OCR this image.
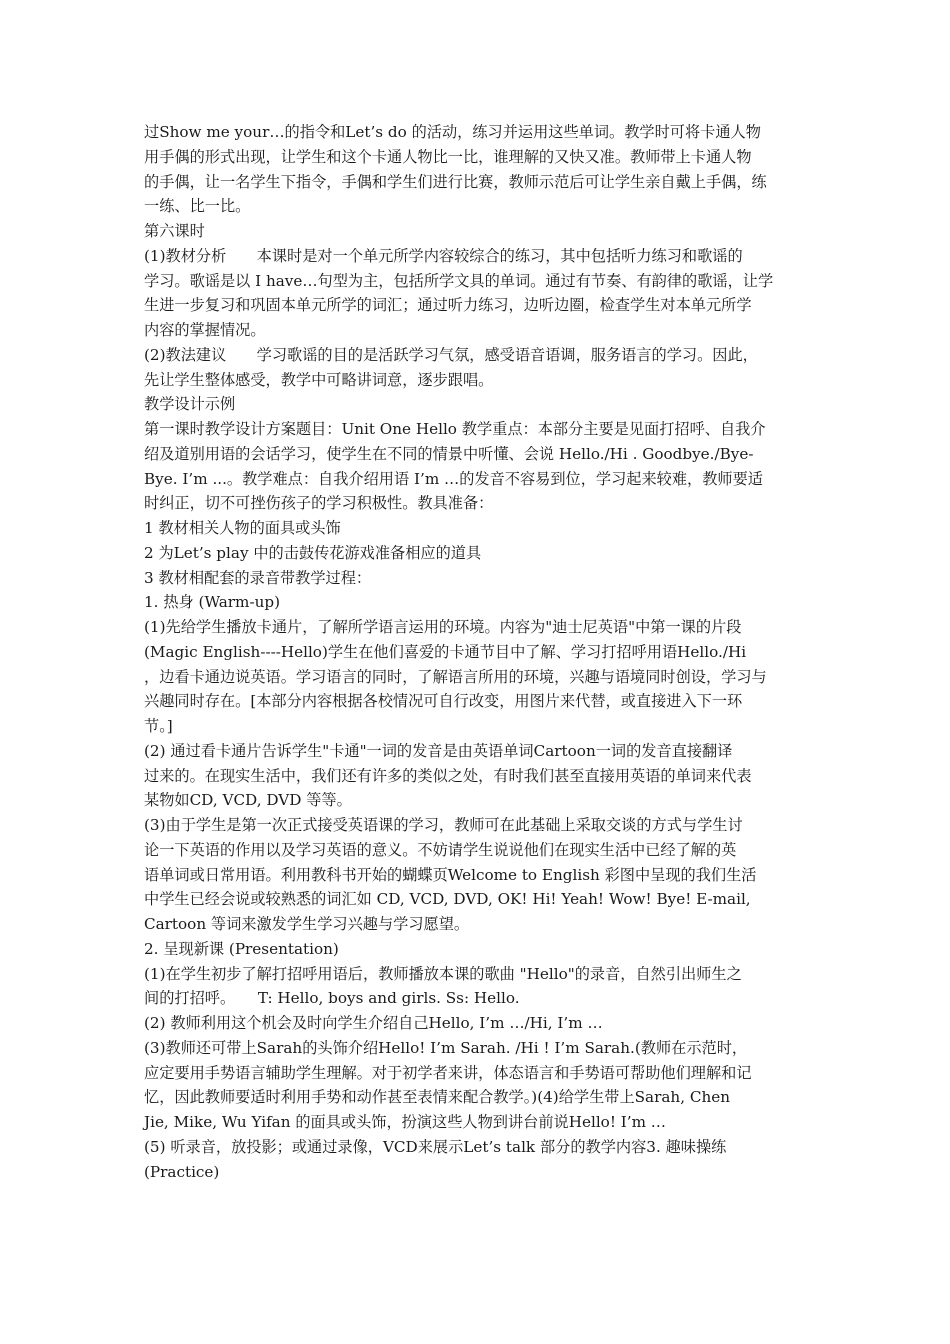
过Show me your…的指令和Let’s do 的活动，练习并运用这些单词。教学时可将卡通人物
用手偶的形式出现，让学生和这个卡通人物比一比，谁理解的又快又准。教师带上卡通人物
的手偶，让一名学生下指令，手偶和学生们进行比赛，教师示范后可让学生亲自戴上手偶，练
一练、比一比。
第六课时
(1)教材分析　　本课时是对一个单元所学内容较综合的练习，其中包括听力练习和歌谣的
学习。歌谣是以 I have…句型为主，包括所学文具的单词。通过有节奏、有韵律的歌谣，让学
生进一步复习和巩固本单元所学的词汇；通过听力练习，边听边圈，检查学生对本单元所学
内容的掌握情况。
(2)教法建议　　学习歌谣的目的是活跃学习气氛，感受语音语调，服务语言的学习。因此，
先让学生整体感受，教学中可略讲词意，逐步跟唱。
教学设计示例
第一课时教学设计方案题目：Unit One Hello 教学重点：本部分主要是见面打招呼、自我介
绍及道别用语的会话学习，使学生在不同的情景中听懂、会说 Hello./Hi . Goodbye./Bye-
Bye. I’m ...。教学难点：自我介绍用语 I’m …的发音不容易到位，学习起来较难，教师要适
时纠正，切不可挫伤孩子的学习积极性。教具准备：
1 教材相关人物的面具或头饰
2 为Let’s play 中的击鼓传花游戏准备相应的道具
3 教材相配套的录音带教学过程：
1. 热身 (Warm-up)
(1)先给学生播放卡通片，了解所学语言运用的环境。内容为"迪士尼英语"中第一课的片段
(Magic English----Hello)学生在他们喜爱的卡通节目中了解、学习打招呼用语Hello./Hi
，边看卡通边说英语。学习语言的同时，了解语言所用的环境，兴趣与语境同时创设，学习与
兴趣同时存在。[本部分内容根据各校情况可自行改变，用图片来代替，或直接进入下一环
节。]
(2) 通过看卡通片告诉学生"卡通"一词的发音是由英语单词Cartoon一词的发音直接翻译
过来的。在现实生活中，我们还有许多的类似之处，有时我们甚至直接用英语的单词来代表
某物如CD, VCD, DVD 等等。
(3)由于学生是第一次正式接受英语课的学习，教师可在此基础上采取交谈的方式与学生讨
论一下英语的作用以及学习英语的意义。不妨请学生说说他们在现实生活中已经了解的英
语单词或日常用语。利用教科书开始的蝴蝶页Welcome to English 彩图中呈现的我们生活
中学生已经会说或较熟悉的词汇如 CD, VCD, DVD, OK! Hi! Yeah! Wow! Bye! E-mail,
Cartoon 等词来激发学生学习兴趣与学习愿望。
2. 呈现新课 (Presentation)
(1)在学生初步了解打招呼用语后，教师播放本课的歌曲 "Hello"的录音，自然引出师生之
间的打招呼。　　T: Hello, boys and girls. Ss: Hello.
(2) 教师利用这个机会及时向学生介绍自己Hello, I’m …/Hi, I’m …
(3)教师还可带上Sarah的头饰介绍Hello! I’m Sarah. /Hi ! I’m Sarah.(教师在示范时，
应定要用手势语言辅助学生理解。对于初学者来讲，体态语言和手势语可帮助他们理解和记
忆，因此教师要适时利用手势和动作甚至表情来配合教学。)(4)给学生带上Sarah, Chen
Jie, Mike, Wu Yifan 的面具或头饰，扮演这些人物到讲台前说Hello! I’m …
(5) 听录音，放投影；或通过录像，VCD来展示Let’s talk 部分的教学内容3. 趣味操练
(Practice)
